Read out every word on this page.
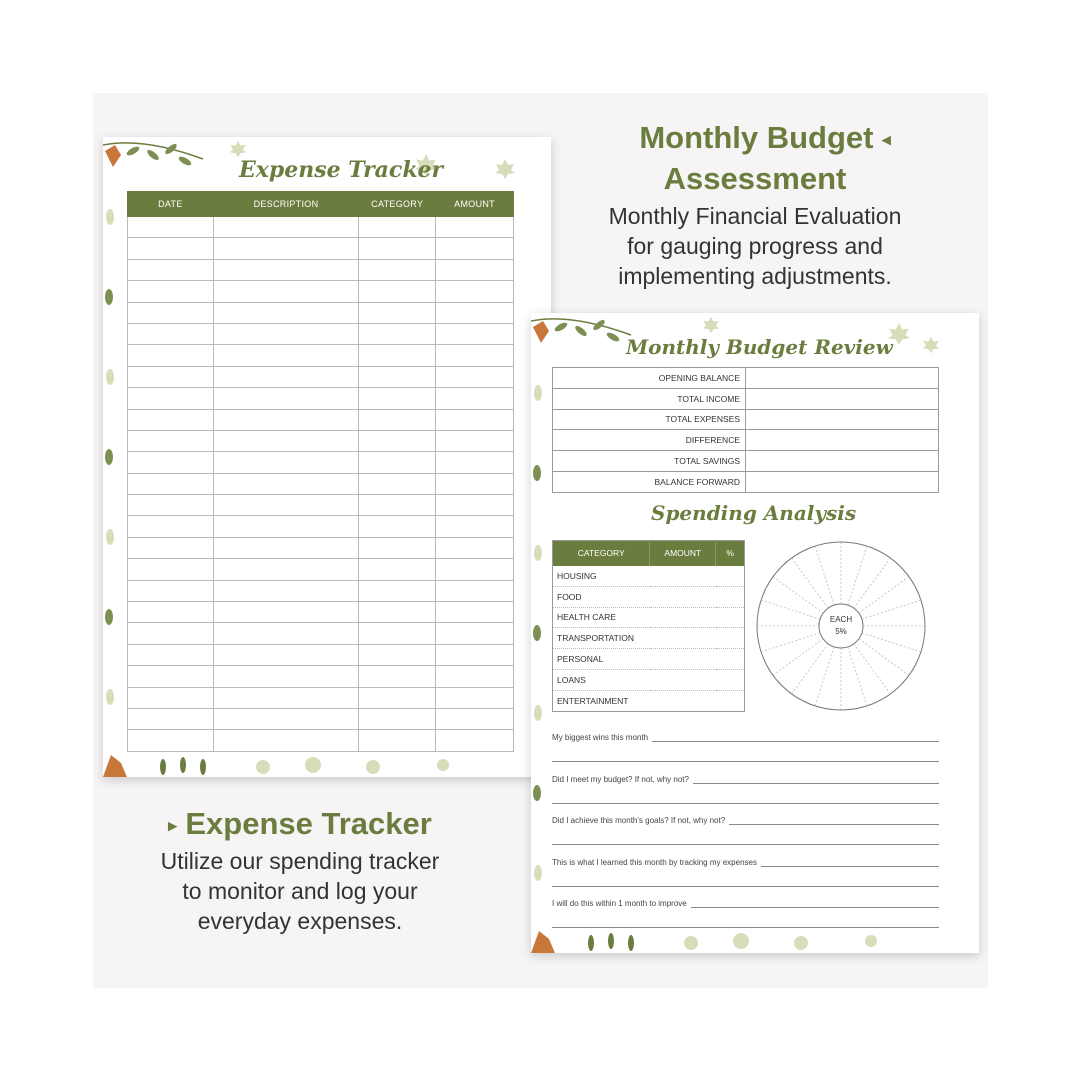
Monthly Budget ◂
Assessment
Monthly Financial Evaluation
for gauging progress and
implementing adjustments.
▸ Expense Tracker
Utilize our spending tracker
to monitor and log your
everyday expenses.
Expense Tracker
DATE	DESCRIPTION	CATEGORY	AMOUNT

Monthly Budget Review
OPENING BALANCE	
TOTAL INCOME	
TOTAL EXPENSES	
DIFFERENCE	
TOTAL SAVINGS	
BALANCE FORWARD	
Spending Analysis
CATEGORY	AMOUNT	%
HOUSING
FOOD
HEALTH CARE
TRANSPORTATION
PERSONAL
LOANS
ENTERTAINMENT
EACH
5%
My biggest wins this month
Did I meet my budget? If not, why not?
Did I achieve this month's goals? If not, why not?
This is what I learned this month by tracking my expenses
I will do this within 1 month to improve
